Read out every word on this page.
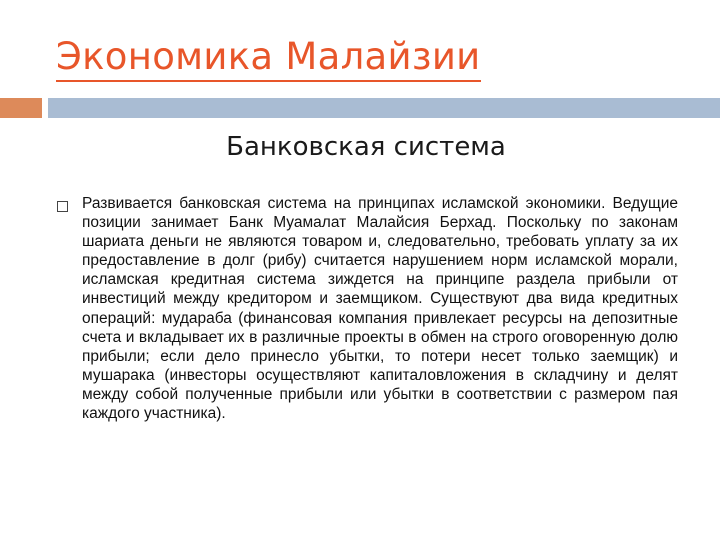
Экономика Малайзии
Банковская система
Развивается банковская система на принципах исламской экономики. Ведущие позиции занимает Банк Муамалат Малайсия Берхад. Поскольку по законам шариата деньги не являются товаром и, следовательно, требовать уплату за их предоставление в долг (рибу) считается нарушением норм исламской морали, исламская кредитная система зиждется на принципе раздела прибыли от инвестиций между кредитором и заемщиком. Существуют два вида кредитных операций: мудараба (финансовая компания привлекает ресурсы на депозитные счета и вкладывает их в различные проекты в обмен на строго оговоренную долю прибыли; если дело принесло убытки, то потери несет только заемщик) и мушарака (инвесторы осуществляют капиталовложения в складчину и делят между собой полученные прибыли или убытки в соответствии с размером пая каждого участника).
